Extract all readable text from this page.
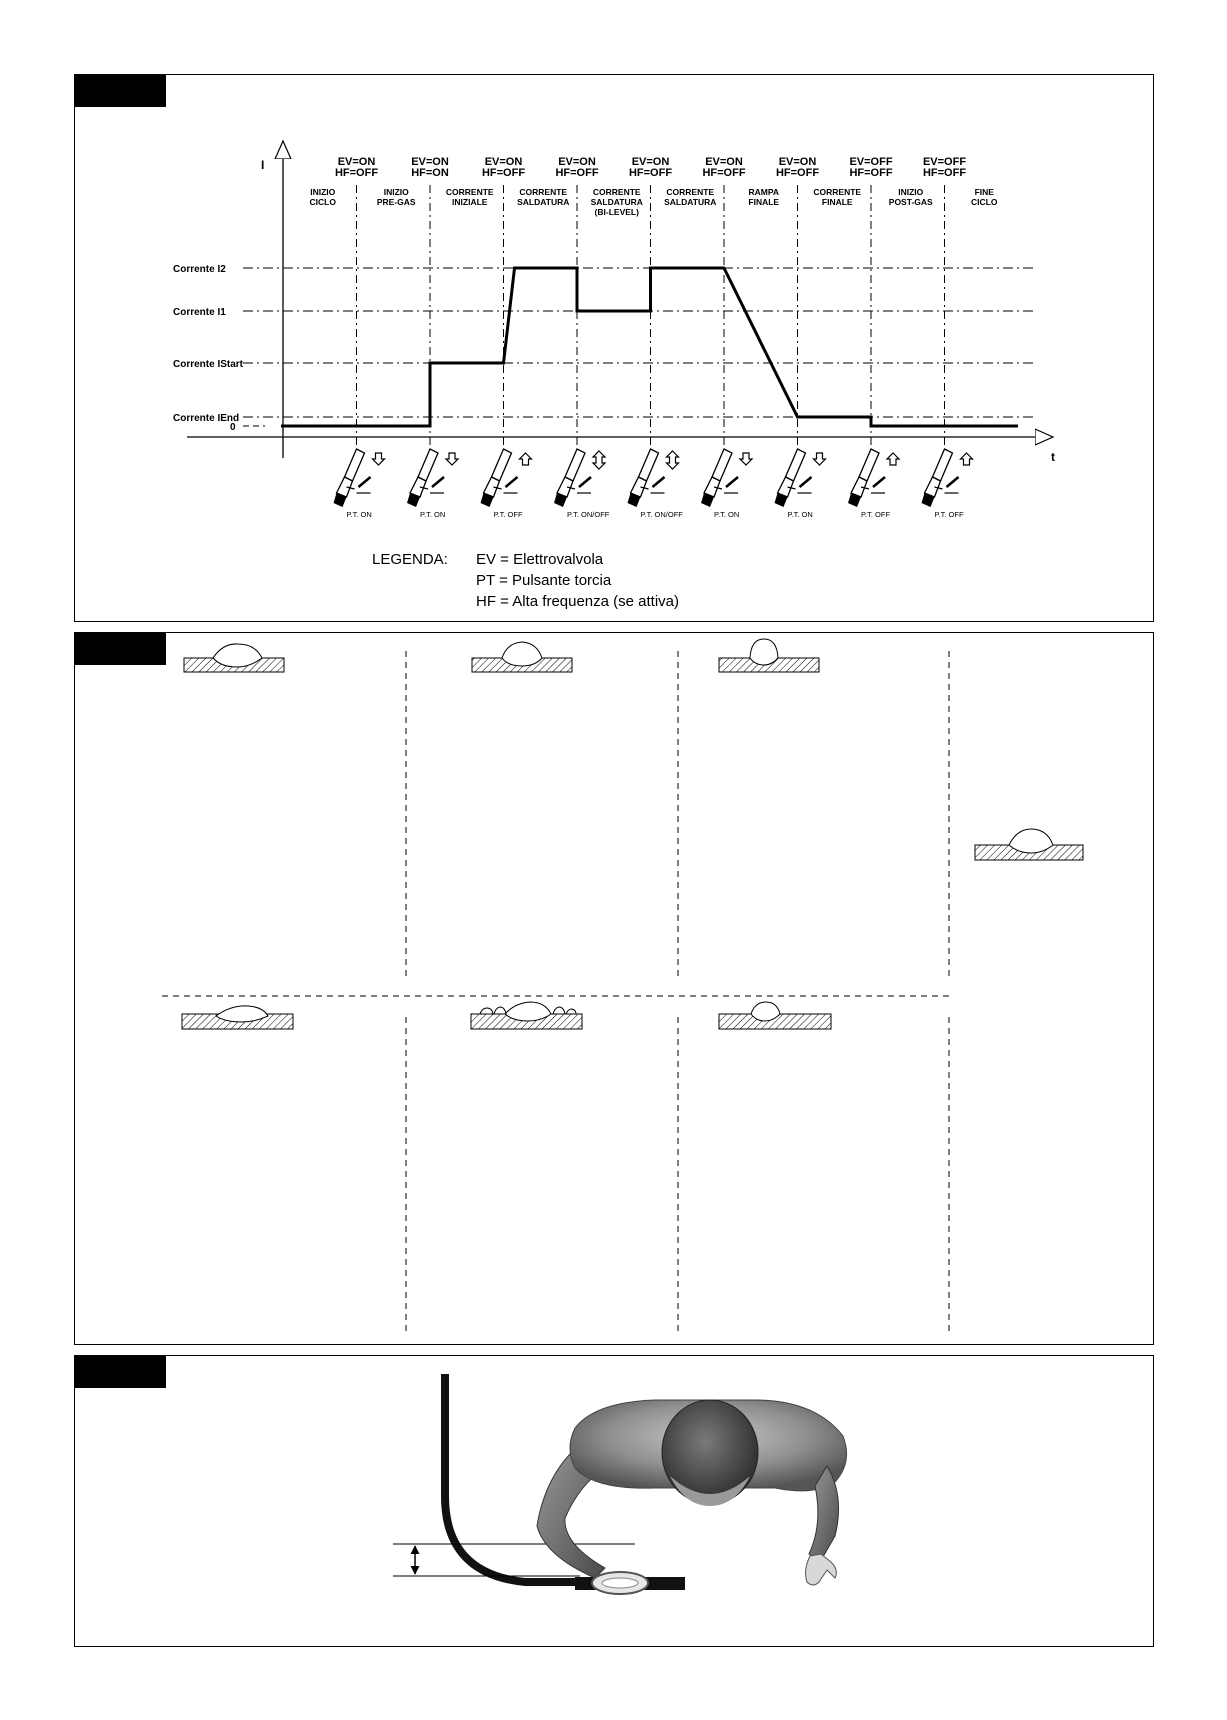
I
t
EV=ON
HF=OFF
INIZIO
CICLO
EV=ON
HF=ON
INIZIO
PRE-GAS
EV=ON
HF=OFF
CORRENTE
INIZIALE
EV=ON
HF=OFF
CORRENTE
SALDATURA
EV=ON
HF=OFF
CORRENTE
SALDATURA
(BI-LEVEL)
EV=ON
HF=OFF
CORRENTE
SALDATURA
EV=ON
HF=OFF
RAMPA
FINALE
EV=OFF
HF=OFF
CORRENTE
FINALE
EV=OFF
HF=OFF
INIZIO
POST-GAS
FINE
CICLO
Corrente I2
Corrente I1
Corrente IStart
Corrente IEnd
0
P.T. ON	P.T. ON	P.T. OFF	P.T. ON/OFF	P.T. ON/OFF	P.T. ON	P.T. ON	P.T. OFF	P.T. OFF
LEGENDA: EV = Elettrovalvola
PT = Pulsante torcia
HF = Alta frequenza (se attiva)
